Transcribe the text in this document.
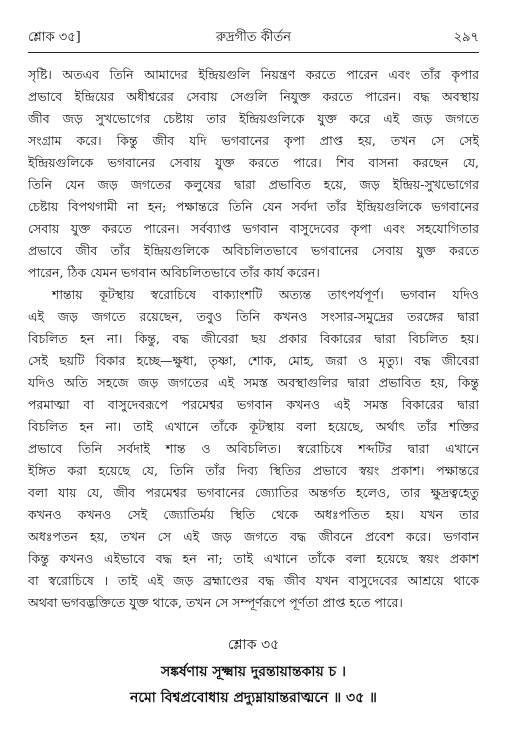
রুদ্রগীত কীর্তন
শ্লোক ৩৫]	২৯৭
সৃষ্টি। অতএব তিনি আমাদের ইন্দ্রিয়গুলি নিয়ন্ত্রণ করতে পারেন এবং তাঁর কৃপার
প্রভাবে ইন্দ্রিয়ের অধীশ্বরের সেবায় সেগুলি নিযুক্ত করতে পারেন। বদ্ধ অবস্থায়
জীব জড় সুখভোগের চেষ্টায় তার ইন্দ্রিয়গুলিকে যুক্ত করে এই জড় জগতে
সংগ্রাম করে। কিন্তু জীব যদি ভগবানের কৃপা প্রাপ্ত হয়, তখন সে সেই
ইন্দ্রিয়গুলিকে ভগবানের সেবায় যুক্ত করতে পারে। শিব বাসনা করছেন যে,
তিনি যেন জড় জগতের কলুষের দ্বারা প্রভাবিত হয়ে, জড় ইন্দ্রিয়-সুখভোগের
চেষ্টায় বিপথগামী না হন; পক্ষান্তরে তিনি যেন সর্বদা তাঁর ইন্দ্রিয়গুলিকে ভগবানের
সেবায় যুক্ত করতে পারেন। সর্বব্যাপ্ত ভগবান বাসুদেবের কৃপা এবং সহযোগিতার
প্রভাবে জীব তাঁর ইন্দ্রিয়গুলিকে অবিচলিতভাবে ভগবানের সেবায় যুক্ত করতে
পারেন, ঠিক যেমন ভগবান অবিচলিতভাবে তাঁর কার্য করেন।
শান্তায় কূটস্থায় স্বরোচিষে বাক্যাংশটি অত্যন্ত তাৎপর্যপূর্ণ। ভগবান যদিও
এই জড় জগতে রয়েছেন, তবুও তিনি কখনও সংসার-সমুদ্রের তরঙ্গের দ্বারা
বিচলিত হন না। কিন্তু, বদ্ধ জীবেরা ছয় প্রকার বিকারের দ্বারা বিচলিত হয়।
সেই ছয়টি বিকার হচ্ছে—ক্ষুধা, তৃষ্ণা, শোক, মোহ, জরা ও মৃত্যু। বদ্ধ জীবেরা
যদিও অতি সহজে জড় জগতের এই সমস্ত অবস্থাগুলির দ্বারা প্রভাবিত হয়, কিন্তু
পরমাত্মা বা বাসুদেবরূপে পরমেশ্বর ভগবান কখনও এই সমস্ত বিকারের দ্বারা
বিচলিত হন না। তাই এখানে তাঁকে কূটস্থায় বলা হয়েছে, অর্থাৎ তাঁর শক্তির
প্রভাবে তিনি সর্বদাই শান্ত ও অবিচলিত। স্বরোচিষে শব্দটির দ্বারা এখানে
ইঙ্গিত করা হয়েছে যে, তিনি তাঁর দিব্য স্থিতির প্রভাবে স্বয়ং প্রকাশ। পক্ষান্তরে
বলা যায় যে, জীব পরমেশ্বর ভগবানের জ্যোতির অন্তর্গত হলেও, তার ক্ষুদ্রত্বহেতু
কখনও কখনও সেই জ্যোতির্ময় স্থিতি থেকে অধঃপতিত হয়। যখন তার
অধঃপতন হয়, তখন সে এই জড় জগতে বদ্ধ জীবনে প্রবেশ করে। ভগবান
কিন্তু কখনও এইভাবে বদ্ধ হন না; তাই এখানে তাঁকে বলা হয়েছে স্বয়ং প্রকাশ
বা স্বরোচিষে । তাই এই জড় ব্রহ্মাণ্ডের বদ্ধ জীব যখন বাসুদেবের আশ্রয়ে থাকে
অথবা ভগবদ্ভক্তিতে যুক্ত থাকে, তখন সে সম্পূর্ণরূপে পূর্ণতা প্রাপ্ত হতে পারে।
শ্লোক ৩৫
সঙ্কর্ষণায় সূক্ষ্মায় দুরন্তায়ান্তকায় চ ।
নমো বিশ্বপ্রবোধায় প্রদ্যুম্নায়ান্তরাত্মনে ॥ ৩৫ ॥
